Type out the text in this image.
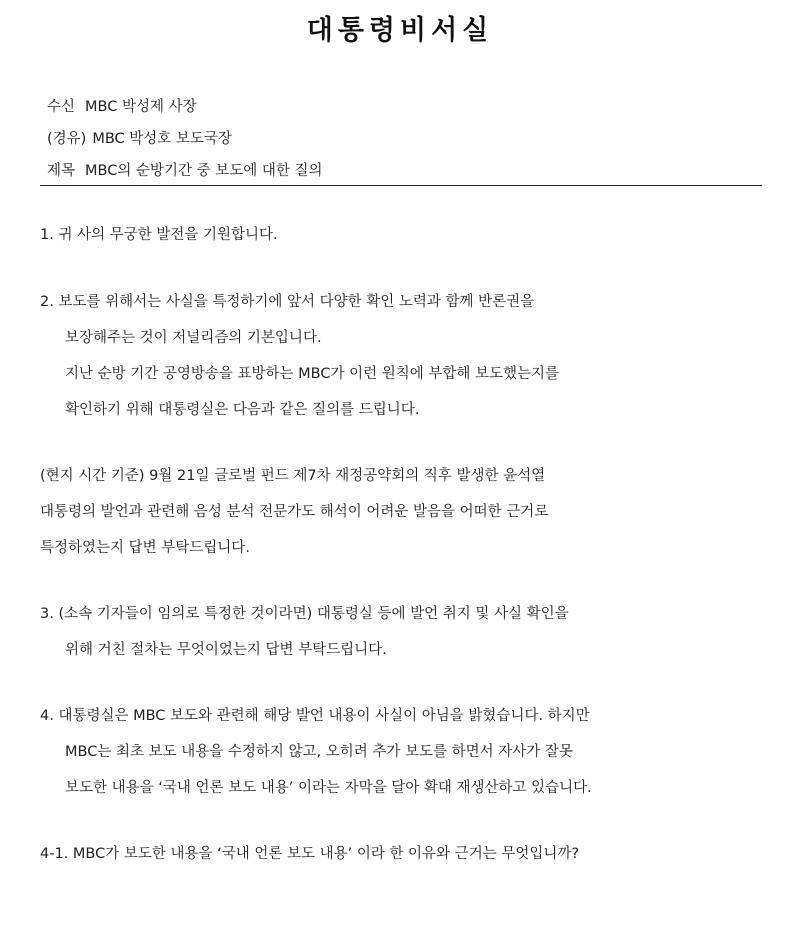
대통령비서실
수신 MBC 박성제 사장
(경유) MBC 박성호 보도국장
제목 MBC의 순방기간 중 보도에 대한 질의
1. 귀 사의 무궁한 발전을 기원합니다.
2. 보도를 위해서는 사실을 특정하기에 앞서 다양한 확인 노력과 함께 반론권을
보장해주는 것이 저널리즘의 기본입니다.
지난 순방 기간 공영방송을 표방하는 MBC가 이런 원칙에 부합해 보도했는지를
확인하기 위해 대통령실은 다음과 같은 질의를 드립니다.
(현지 시간 기준) 9월 21일 글로벌 펀드 제7차 재정공약회의 직후 발생한 윤석열
대통령의 발언과 관련해 음성 분석 전문가도 해석이 어려운 발음을 어떠한 근거로
특정하였는지 답변 부탁드립니다.
3. (소속 기자들이 임의로 특정한 것이라면) 대통령실 등에 발언 취지 및 사실 확인을
위해 거친 절차는 무엇이었는지 답변 부탁드립니다.
4. 대통령실은 MBC 보도와 관련해 해당 발언 내용이 사실이 아님을 밝혔습니다. 하지만
MBC는 최초 보도 내용을 수정하지 않고, 오히려 추가 보도를 하면서 자사가 잘못
보도한 내용을 ‘국내 언론 보도 내용’ 이라는 자막을 달아 확대 재생산하고 있습니다.
4-1. MBC가 보도한 내용을 ‘국내 언론 보도 내용’ 이라 한 이유와 근거는 무엇입니까?
